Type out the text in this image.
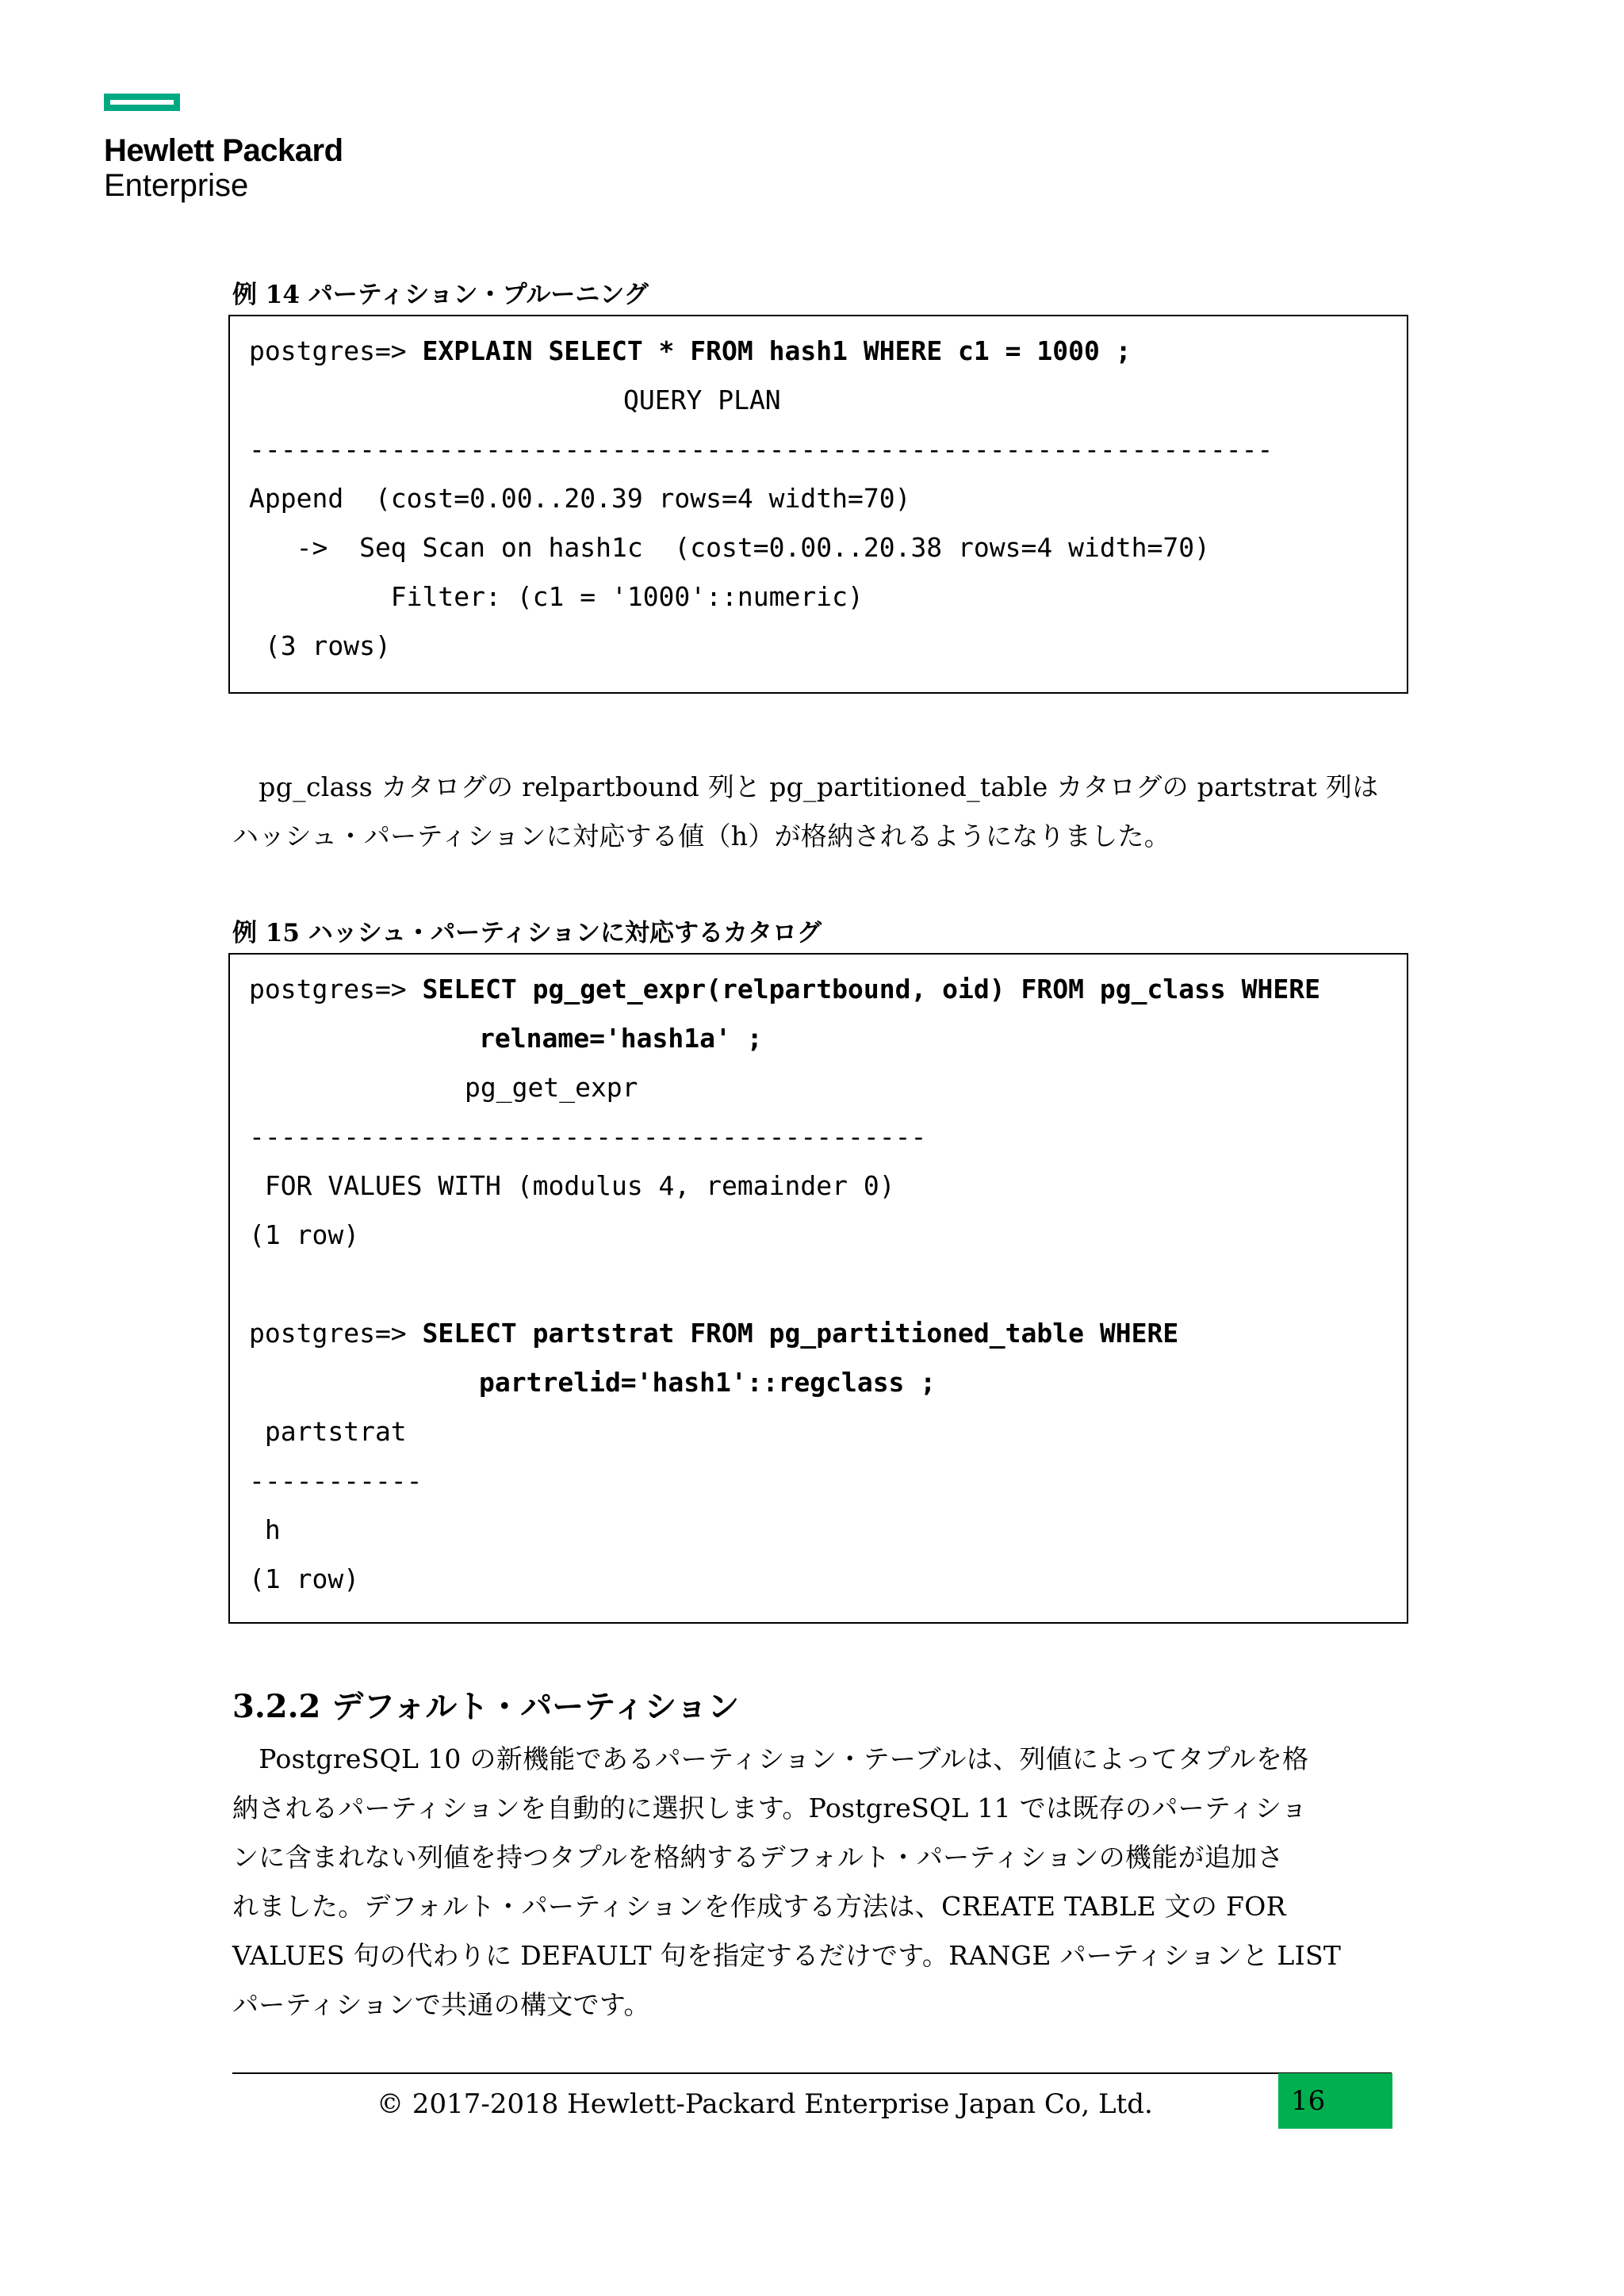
Hewlett Packard
Enterprise
例 14 パーティション・プルーニング
postgres=> EXPLAIN SELECT * FROM hash1 WHERE c1 = 1000 ;
QUERY PLAN
-----------------------------------------------------------------
Append  (cost=0.00..20.39 rows=4 width=70)
->  Seq Scan on hash1c  (cost=0.00..20.38 rows=4 width=70)
Filter: (c1 = '1000'::numeric)
(3 rows)
　pg_class カタログの relpartbound 列と pg_partitioned_table カタログの partstrat 列は
ハッシュ・パーティションに対応する値（h）が格納されるようになりました。
例 15 ハッシュ・パーティションに対応するカタログ
postgres=> SELECT pg_get_expr(relpartbound, oid) FROM pg_class WHERE
relname='hash1a' ;
pg_get_expr
-------------------------------------------
FOR VALUES WITH (modulus 4, remainder 0)
(1 row)
postgres=> SELECT partstrat FROM pg_partitioned_table WHERE
partrelid='hash1'::regclass ;
partstrat
-----------
h
(1 row)
3.2.2 デフォルト・パーティション
　PostgreSQL 10 の新機能であるパーティション・テーブルは、列値によってタプルを格
納されるパーティションを自動的に選択します。PostgreSQL 11 では既存のパーティショ
ンに含まれない列値を持つタプルを格納するデフォルト・パーティションの機能が追加さ
れました。デフォルト・パーティションを作成する方法は、CREATE TABLE 文の FOR
VALUES 句の代わりに DEFAULT 句を指定するだけです。RANGE パーティションと LIST
パーティションで共通の構文です。
© 2017-2018 Hewlett-Packard Enterprise Japan Co, Ltd.	16
